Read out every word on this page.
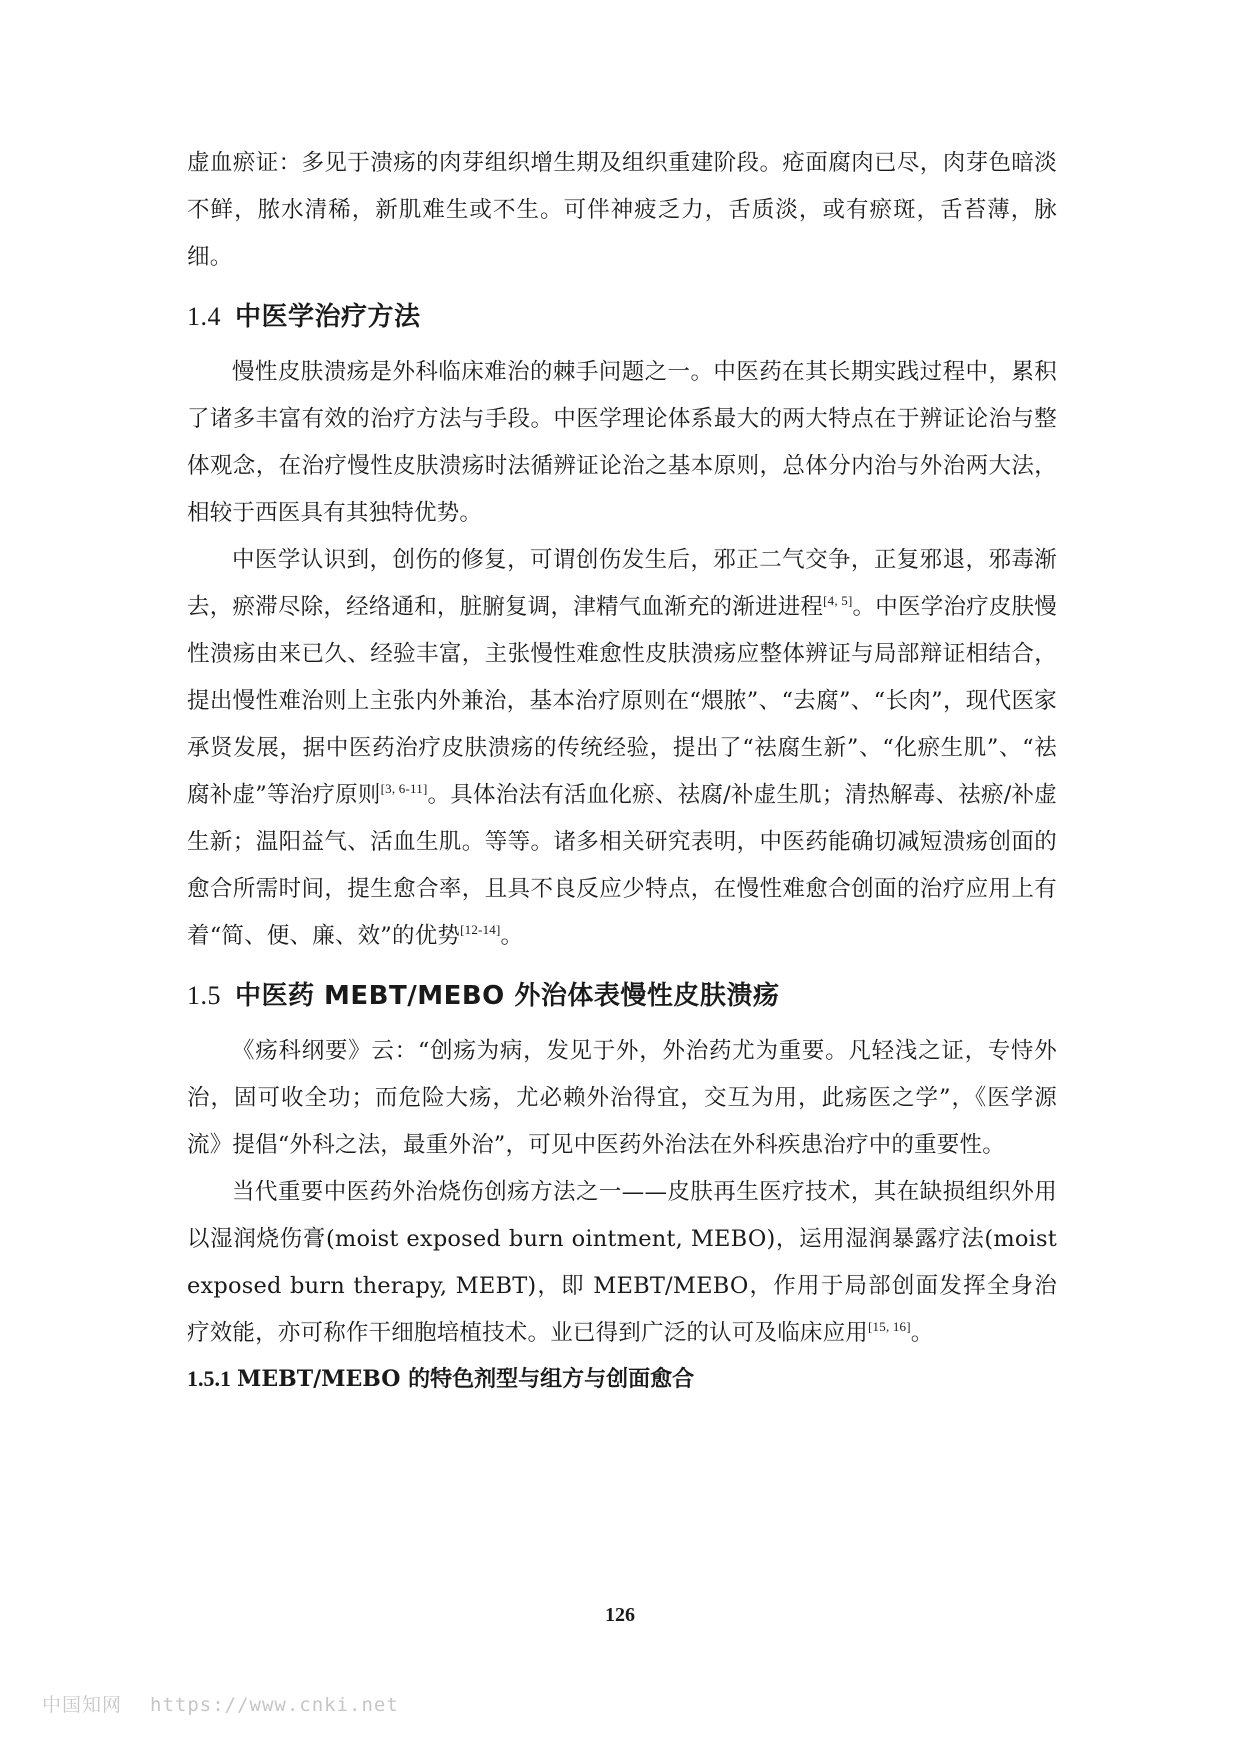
虚血瘀证：多见于溃疡的肉芽组织增生期及组织重建阶段。疮面腐肉已尽，肉芽色暗淡不鲜，脓水清稀，新肌难生或不生。可伴神疲乏力，舌质淡，或有瘀斑，舌苔薄，脉细。

1.4 中医学治疗方法

慢性皮肤溃疡是外科临床难治的棘手问题之一。中医药在其长期实践过程中，累积了诸多丰富有效的治疗方法与手段。中医学理论体系最大的两大特点在于辨证论治与整体观念，在治疗慢性皮肤溃疡时法循辨证论治之基本原则，总体分内治与外治两大法，相较于西医具有其独特优势。

中医学认识到，创伤的修复，可谓创伤发生后，邪正二气交争，正复邪退，邪毒渐去，瘀滞尽除，经络通和，脏腑复调，津精气血渐充的渐进进程[4, 5]。中医学治疗皮肤慢性溃疡由来已久、经验丰富，主张慢性难愈性皮肤溃疡应整体辨证与局部辩证相结合，提出慢性难治则上主张内外兼治，基本治疗原则在“煨脓”、“去腐”、“长肉”，现代医家承贤发展，据中医药治疗皮肤溃疡的传统经验，提出了“祛腐生新”、“化瘀生肌”、“祛腐补虚”等治疗原则[3, 6-11]。具体治法有活血化瘀、祛腐/补虚生肌；清热解毒、祛瘀/补虚生新；温阳益气、活血生肌。等等。诸多相关研究表明，中医药能确切减短溃疡创面的愈合所需时间，提生愈合率，且具不良反应少特点，在慢性难愈合创面的治疗应用上有着“简、便、廉、效”的优势[12-14]。

1.5 中医药 MEBT/MEBO 外治体表慢性皮肤溃疡

《疡科纲要》云：“创疡为病，发见于外，外治药尤为重要。凡轻浅之证，专恃外治，固可收全功；而危险大疡，尤必赖外治得宜，交互为用，此疡医之学”，《医学源流》提倡“外科之法，最重外治”，可见中医药外治法在外科疾患治疗中的重要性。

当代重要中医药外治烧伤创疡方法之一——皮肤再生医疗技术，其在缺损组织外用以湿润烧伤膏(moist exposed burn ointment, MEBO)，运用湿润暴露疗法(moist exposed burn therapy, MEBT)，即 MEBT/MEBO，作用于局部创面发挥全身治疗效能，亦可称作干细胞培植技术。业已得到广泛的认可及临床应用[15, 16]。

1.5.1 MEBT/MEBO 的特色剂型与组方与创面愈合
126
中国知网 https://www.cnki.net
